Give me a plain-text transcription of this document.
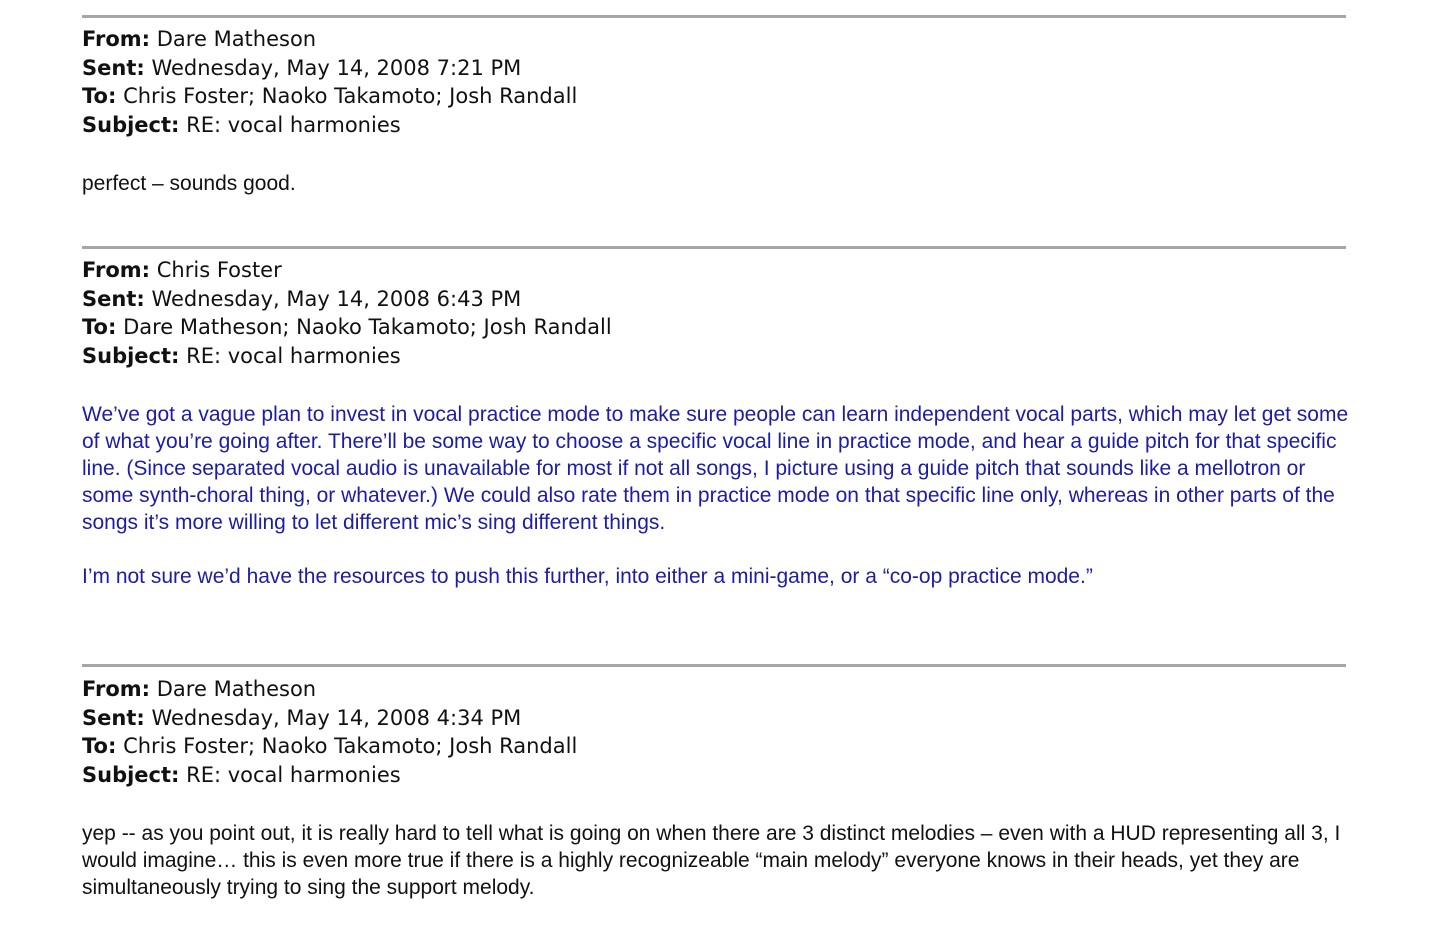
From: Dare Matheson
Sent: Wednesday, May 14, 2008 7:21 PM
To: Chris Foster; Naoko Takamoto; Josh Randall
Subject: RE: vocal harmonies

perfect – sounds good.

From: Chris Foster
Sent: Wednesday, May 14, 2008 6:43 PM
To: Dare Matheson; Naoko Takamoto; Josh Randall
Subject: RE: vocal harmonies

We’ve got a vague plan to invest in vocal practice mode to make sure people can learn independent vocal parts, which may let get some of what you’re going after. There’ll be some way to choose a specific vocal line in practice mode, and hear a guide pitch for that specific line. (Since separated vocal audio is unavailable for most if not all songs, I picture using a guide pitch that sounds like a mellotron or some synth-choral thing, or whatever.) We could also rate them in practice mode on that specific line only, whereas in other parts of the songs it’s more willing to let different mic’s sing different things.

I’m not sure we’d have the resources to push this further, into either a mini-game, or a “co-op practice mode.”

From: Dare Matheson
Sent: Wednesday, May 14, 2008 4:34 PM
To: Chris Foster; Naoko Takamoto; Josh Randall
Subject: RE: vocal harmonies

yep -- as you point out, it is really hard to tell what is going on when there are 3 distinct melodies – even with a HUD representing all 3, I would imagine… this is even more true if there is a highly recognizeable “main melody” everyone knows in their heads, yet they are simultaneously trying to sing the support melody.
